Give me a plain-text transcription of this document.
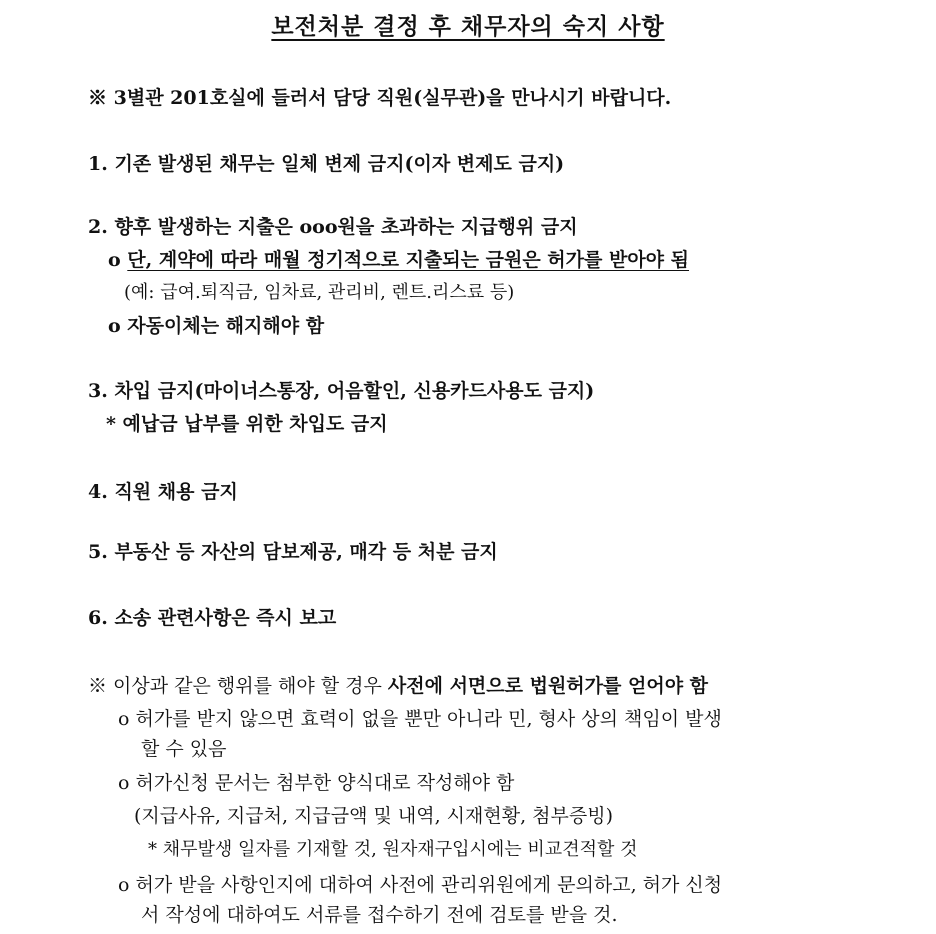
보전처분 결정 후 채무자의 숙지 사항
※ 3별관 201호실에 들러서 담당 직원(실무관)을 만나시기 바랍니다.
1. 기존 발생된 채무는 일체 변제 금지(이자 변제도 금지)
2. 향후 발생하는 지출은 ooo원을 초과하는 지급행위 금지
o 단, 계약에 따라 매월 정기적으로 지출되는 금원은 허가를 받아야 됨
(예: 급여.퇴직금, 임차료, 관리비, 렌트.리스료 등)
o 자동이체는 해지해야 함
3. 차입 금지(마이너스통장, 어음할인, 신용카드사용도 금지)
* 예납금 납부를 위한 차입도 금지
4. 직원 채용 금지
5. 부동산 등 자산의 담보제공, 매각 등 처분 금지
6. 소송 관련사항은 즉시 보고
※ 이상과 같은 행위를 해야 할 경우 사전에 서면으로 법원허가를 얻어야 함
o 허가를 받지 않으면 효력이 없을 뿐만 아니라 민, 형사 상의 책임이 발생
할 수 있음
o 허가신청 문서는 첨부한 양식대로 작성해야 함
(지급사유, 지급처, 지급금액 및 내역, 시재현황, 첨부증빙)
* 채무발생 일자를 기재할 것, 원자재구입시에는 비교견적할 것
o 허가 받을 사항인지에 대하여 사전에 관리위원에게 문의하고, 허가 신청
서 작성에 대하여도 서류를 접수하기 전에 검토를 받을 것.
